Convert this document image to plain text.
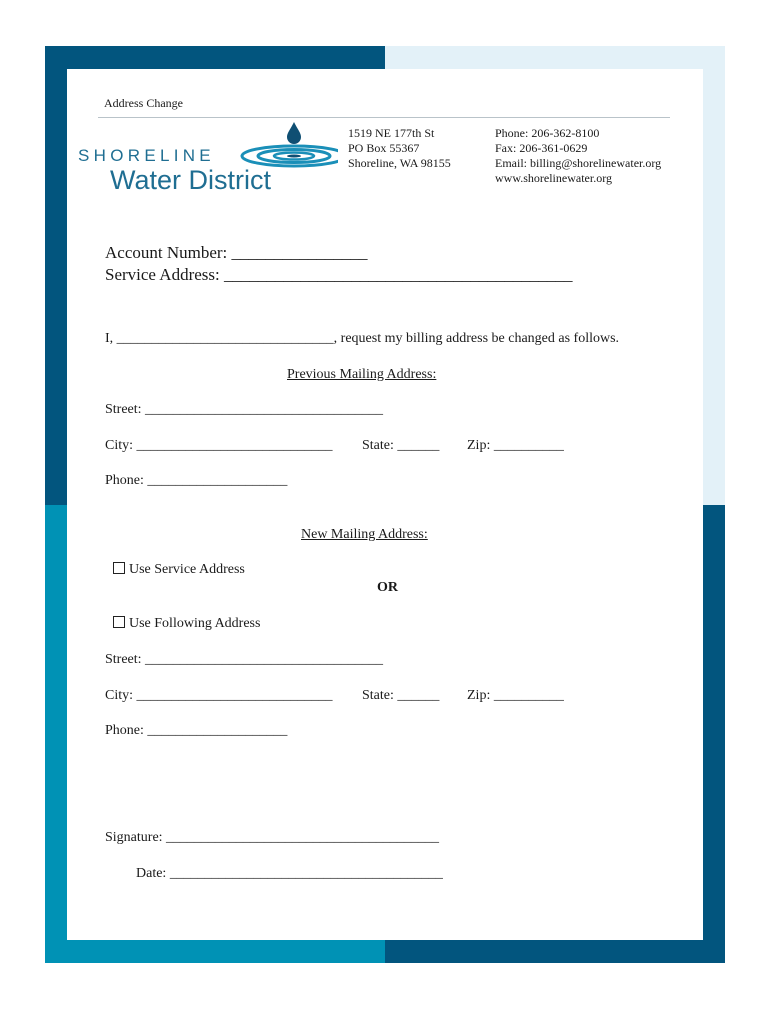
Address Change
SHORELINE
Water District
1519 NE 177th St
PO Box 55367
Shoreline, WA 98155
Phone: 206-362-8100
Fax: 206-361-0629
Email: billing@shorelinewater.org
www.shorelinewater.org
Account Number: ________________
Service Address: _________________________________________
I, _______________________________, request my billing address be changed as follows.
Previous Mailing Address:
Street: __________________________________
City: ____________________________ State: ______ Zip: __________
Phone: ____________________
New Mailing Address:
Use Service Address
OR
Use Following Address
Street: __________________________________
City: ____________________________ State: ______ Zip: __________
Phone: ____________________
Signature: _______________________________________
Date: _______________________________________
